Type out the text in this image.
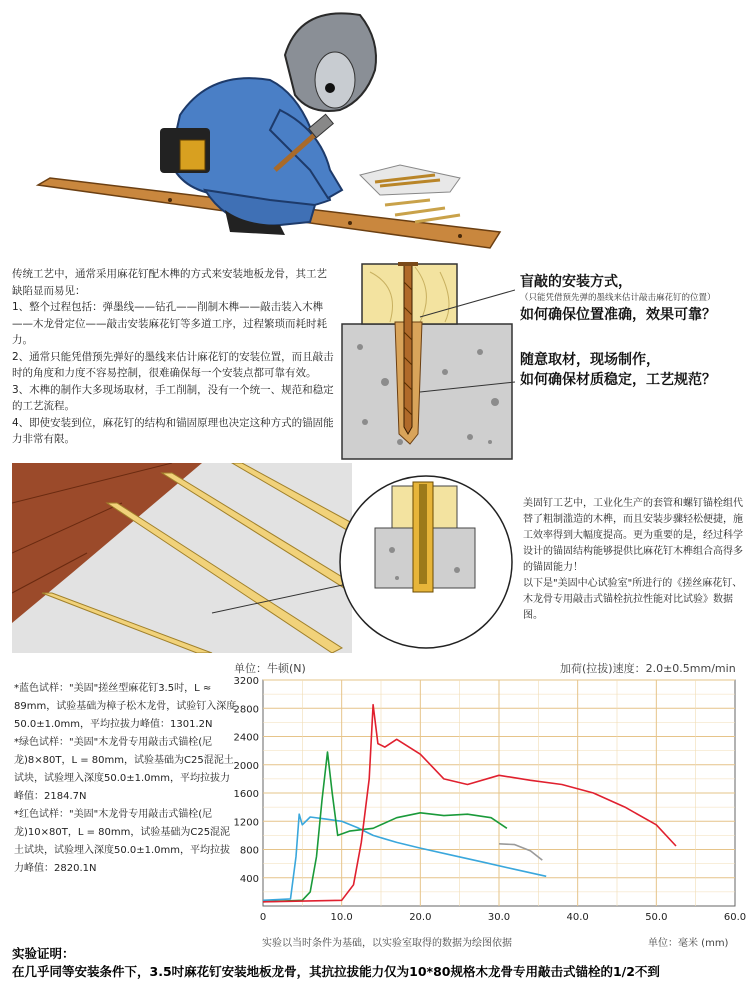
传统工艺中，通常采用麻花钉配木榫的方式来安装地板龙骨，其工艺缺陷显而易见：
1、整个过程包括：弹墨线——钻孔——削制木榫——敲击装入木榫——木龙骨定位——敲击安装麻花钉等多道工序，过程繁琐而耗时耗力。
2、通常只能凭借预先弹好的墨线来估计麻花钉的安装位置，而且敲击时的角度和力度不容易控制，很难确保每一个安装点都可靠有效。
3、木榫的制作大多现场取材，手工削制，没有一个统一、规范和稳定的工艺流程。
4、即使安装到位，麻花钉的结构和锚固原理也决定这种方式的锚固能力非常有限。
盲敲的安装方式，
（只能凭借预先弹的墨线来估计敲击麻花钉的位置）
如何确保位置准确，效果可靠？
随意取材，现场制作，
如何确保材质稳定，工艺规范？
美固钉工艺中，工业化生产的套管和螺钉锚栓组代替了粗制滥造的木榫，而且安装步骤轻松便捷，施工效率得到大幅度提高。更为重要的是，经过科学设计的锚固结构能够提供比麻花钉木榫组合高得多的锚固能力！
以下是"美固中心试验室"所进行的《搓丝麻花钉、木龙骨专用敲击式锚栓抗拉性能对比试验》数据图。
*蓝色试样："美固"搓丝型麻花钉3.5吋，L ≈ 89mm，试验基础为樟子松木龙骨，试验钉入深度50.0±1.0mm，平均拉拔力峰值：1301.2N
*绿色试样："美固"木龙骨专用敲击式锚栓(尼龙)8×80T，L = 80mm，试验基础为C25混泥土试块，试验埋入深度50.0±1.0mm，平均拉拔力峰值：2184.7N
*红色试样："美固"木龙骨专用敲击式锚栓(尼龙)10×80T，L = 80mm，试验基础为C25混泥土试块，试验埋入深度50.0±1.0mm，平均拉拔力峰值：2820.1N
单位：牛顿(N)	加荷(拉拔)速度：2.0±0.5mm/min
400
800
1200
1600
2000
2400
2800
3200
0	10.0	20.0	30.0	40.0	50.0	60.0
实验以当时条件为基础，以实验室取得的数据为绘图依据	单位：毫米 (mm)
实验证明：
在几乎同等安装条件下，3.5吋麻花钉安装地板龙骨，其抗拉拔能力仅为10*80规格木龙骨专用敲击式锚栓的1/2不到
